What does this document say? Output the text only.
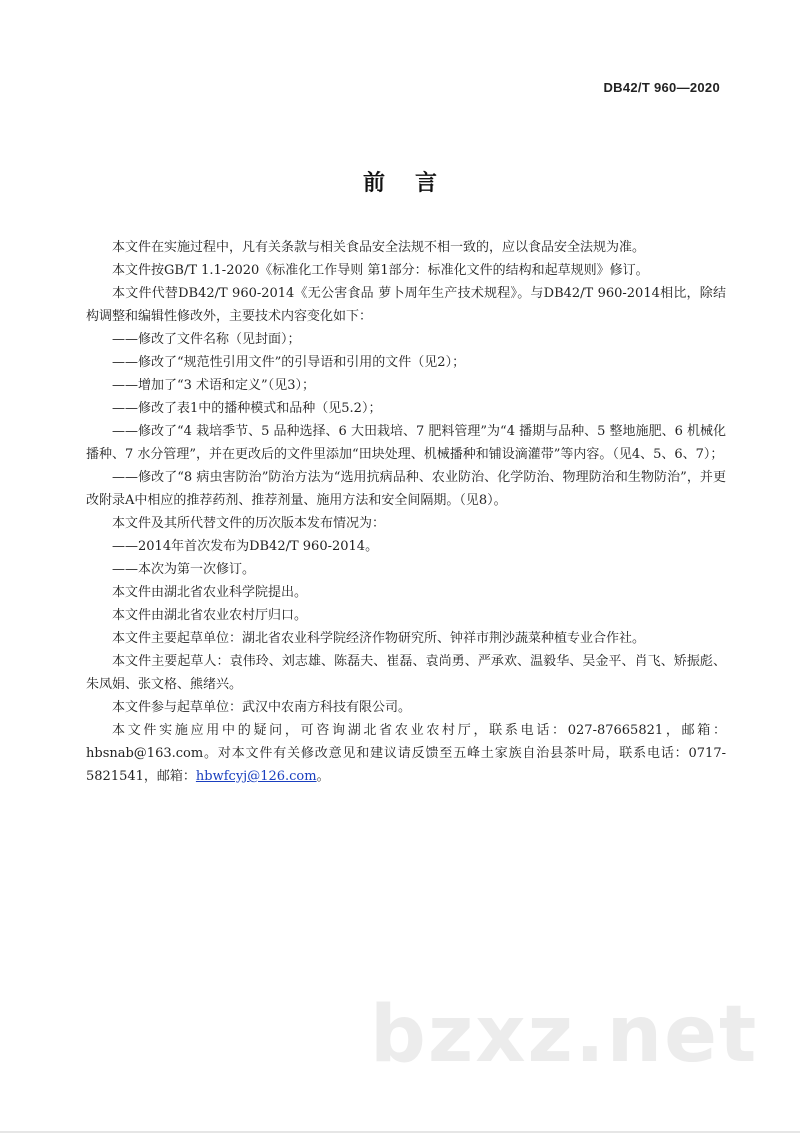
DB42/T 960—2020
前言

本文件在实施过程中，凡有关条款与相关食品安全法规不相一致的，应以食品安全法规为准。

本文件按GB/T 1.1-2020《标准化工作导则 第1部分：标准化文件的结构和起草规则》修订。

本文件代替DB42/T 960-2014《无公害食品 萝卜周年生产技术规程》。与DB42/T 960-2014相比，除结构调整和编辑性修改外，主要技术内容变化如下：

——修改了文件名称（见封面）；

——修改了“规范性引用文件”的引导语和引用的文件（见2）；

——增加了“3 术语和定义”（见3）；

——修改了表1中的播种模式和品种（见5.2）；

——修改了“4 栽培季节、5 品种选择、6 大田栽培、7 肥料管理”为“4 播期与品种、5 整地施肥、6 机械化播种、7 水分管理”，并在更改后的文件里添加“田块处理、机械播种和铺设滴灌带”等内容。（见4、5、6、7）；

——修改了“8 病虫害防治”防治方法为“选用抗病品种、农业防治、化学防治、物理防治和生物防治”，并更改附录A中相应的推荐药剂、推荐剂量、施用方法和安全间隔期。（见8）。

本文件及其所代替文件的历次版本发布情况为：

——2014年首次发布为DB42/T 960-2014。

——本次为第一次修订。

本文件由湖北省农业科学院提出。

本文件由湖北省农业农村厅归口。

本文件主要起草单位：湖北省农业科学院经济作物研究所、钟祥市荆沙蔬菜种植专业合作社。

本文件主要起草人：袁伟玲、刘志雄、陈磊夫、崔磊、袁尚勇、严承欢、温毅华、吴金平、肖飞、矫振彪、朱凤娟、张文格、熊绪兴。

本文件参与起草单位：武汉中农南方科技有限公司。

本文件实施应用中的疑问，可咨询湖北省农业农村厅，联系电话：027-87665821，邮箱：hbsnab@163.com。对本文件有关修改意见和建议请反馈至五峰土家族自治县茶叶局，联系电话：0717-5821541，邮箱：hbwfcyj@126.com。

bzxz.net
